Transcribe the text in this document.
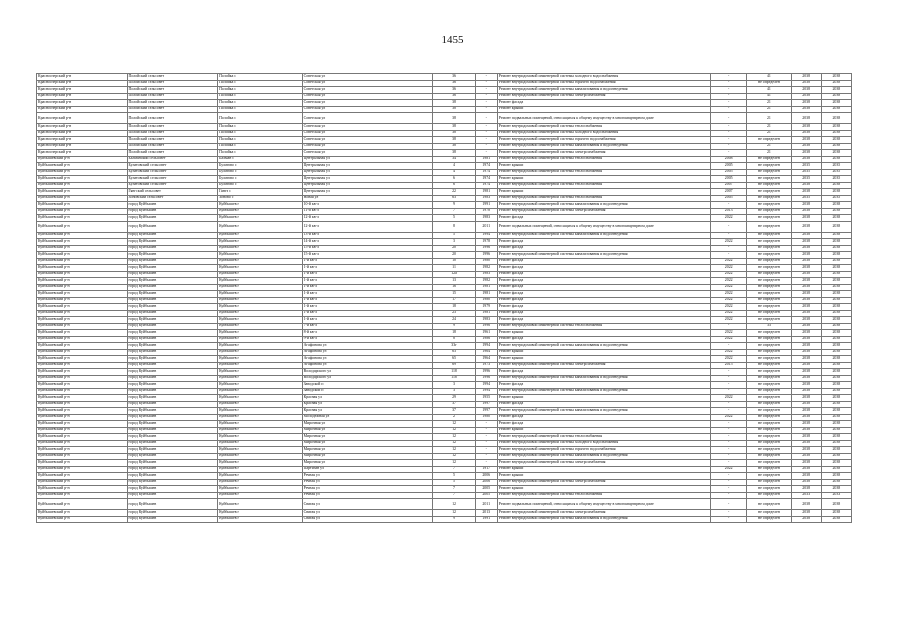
1455
Красноозерский р-н	Полойский сельсовет	Полойка с	Советская ул	36	-	Ремонт внутридомовой инженерной системы холодного водоснабжения	-	41	2038	2038
Красноозерский р-н	Полойский сельсовет	Полойка с	Советская ул	36	-	Ремонт внутридомовой инженерной системы горячего водоснабжения	-	не определен	2038	2038
Красноозерский р-н	Полойский сельсовет	Полойка с	Советская ул	36	-	Ремонт внутридомовой инженерной системы канализования и водоотведения	-	41	2038	2038
Красноозерский р-н	Полойский сельсовет	Полойка с	Советская ул	36	-	Ремонт внутридомовой инженерной системы электроснабжения	-	41	2038	2038
Красноозерский р-н	Полойский сельсовет	Полойка с	Советская ул	38	-	Ремонт фасада	-	21	2038	2038
Красноозерский р-н	Полойский сельсовет	Полойка с	Советская ул	38	-	Ремонт крыши	-	21	2038	2038
Красноозерский р-н	Полойский сельсовет	Полойка с	Советская ул	38	-	Ремонт подвальных помещений, относящихся к общему имуществу в многоквартирном доме	-	21	2038	2038
Красноозерский р-н	Полойский сельсовет	Полойка с	Советская ул	38	-	Ремонт внутридомовой инженерной системы теплоснабжения	-	21	2038	2038
Красноозерский р-н	Полойский сельсовет	Полойка с	Советская ул	38	-	Ремонт внутридомовой инженерной системы холодного водоснабжения	-	21	2038	2038
Красноозерский р-н	Полойский сельсовет	Полойка с	Советская ул	38	-	Ремонт внутридомовой инженерной системы горячего водоснабжения	-	не определен	2038	2038
Красноозерский р-н	Полойский сельсовет	Полойка с	Советская ул	38	-	Ремонт внутридомовой инженерной системы канализования и водоотведения	-	21	2038	2038
Красноозерский р-н	Полойский сельсовет	Полойка с	Советская ул	38	-	Ремонт внутридомовой инженерной системы электроснабжения	-	21	2038	2038
Куйбышевский р-н	Балманский сельсовет	Балман с	Центральная ул	34	1981	Ремонт внутридомовой инженерной системы теплоснабжения	2008	не определен	2038	2038
Куйбышевский р-н	Булатовский сельсовет	Булатово с	Центральная ул	4	1974	Ремонт крыши	2005	не определен	2035	2035
Куйбышевский р-н	Булатовский сельсовет	Булатово с	Центральная ул	4	1974	Ремонт внутридомовой инженерной системы теплоснабжения	2005	не определен	2035	2035
Куйбышевский р-н	Булатовский сельсовет	Булатово с	Центральная ул	6	1974	Ремонт крыши	2005	не определен	2035	2035
Куйбышевский р-н	Булатовский сельсовет	Булатово с	Центральная ул	6	1974	Ремонт внутридомовой инженерной системы теплоснабжения	2007	не определен	2038	2038
Куйбышевский р-н	Гянгский сельсовет	Гянгэ с	Центральная ул	22	1981	Ремонт крыши	2007	не определен	2038	2038
Куйбышевский р-н	Зоновский сельсовет	Зоново с	Новая ул	63	1983	Ремонт внутридомовой инженерной системы теплоснабжения	2005	не определен	2035	2035
Куйбышевский р-н	город Куйбышев	Куйбышев г	10-й кв-л	9	1991	Ремонт внутридомовой инженерной системы канализования и водоотведения	-	не определен	2038	2038
Куйбышевский р-н	город Куйбышев	Куйбышев г	11-й кв-л	7	1978	Ремонт внутридомовой инженерной системы электроснабжения	2013	не определен	2038	2038
Куйбышевский р-н	город Куйбышев	Куйбышев г	12-й кв-л	5	1983	Ремонт фасада	2022	не определен	2038	2038
Куйбышевский р-н	город Куйбышев	Куйбышев г	12-й кв-л	8	2011	Ремонт подвальных помещений, относящихся к общему имуществу в многоквартирном доме	-	не определен	2038	2038
Куйбышевский р-н	город Куйбышев	Куйбышев г	13-й кв-л	5	1994	Ремонт внутридомовой инженерной системы канализования и водоотведения	-	не определен	2038	2038
Куйбышевский р-н	город Куйбышев	Куйбышев г	14-й кв-л	3	1978	Ремонт фасада	2022	не определен	2038	2038
Куйбышевский р-н	город Куйбышев	Куйбышев г	15-й кв-л	20	1996	Ремонт фасада	-	не определен	2038	2038
Куйбышевский р-н	город Куйбышев	Куйбышев г	15-й кв-л	20	1996	Ремонт внутридомовой инженерной системы канализования и водоотведения	-	не определен	2038	2038
Куйбышевский р-н	город Куйбышев	Куйбышев г	1-й кв-л	10	1980	Ремонт фасада	2022	не определен	2038	2038
Куйбышевский р-н	город Куйбышев	Куйбышев г	1-й кв-л	11	1982	Ремонт фасада	2022	не определен	2038	2038
Куйбышевский р-н	город Куйбышев	Куйбышев г	1-й кв-л	12а	1983	Ремонт фасада	2022	не определен	2038	2038
Куйбышевский р-н	город Куйбышев	Куйбышев г	1-й кв-л	13	1982	Ремонт фасада	2022	не определен	2038	2038
Куйбышевский р-н	город Куйбышев	Куйбышев г	1-й кв-л	16	1981	Ремонт фасада	2022	не определен	2038	2038
Куйбышевский р-н	город Куйбышев	Куйбышев г	1-й кв-л	15	1981	Ремонт фасада	2022	не определен	2038	2038
Куйбышевский р-н	город Куйбышев	Куйбышев г	1-й кв-л	17	1980	Ремонт фасада	2022	не определен	2038	2038
Куйбышевский р-н	город Куйбышев	Куйбышев г	1-й кв-л	18	1979	Ремонт фасада	2022	не определен	2038	2038
Куйбышевский р-н	город Куйбышев	Куйбышев г	1-й кв-л	23	1981	Ремонт фасада	2022	не определен	2038	2038
Куйбышевский р-н	город Куйбышев	Куйбышев г	1-й кв-л	24	1983	Ремонт фасада	2022	не определен	2038	2038
Куйбышевский р-н	город Куйбышев	Куйбышев г	7-й кв-л	9	1996	Ремонт внутридомовой инженерной системы теплоснабжения	-	33	2038	2038
Куйбышевский р-н	город Куйбышев	Куйбышев г	8-й кв-л	18	1961	Ремонт крыши	2022	не определен	2038	2038
Куйбышевский р-н	город Куйбышев	Куйбышев г	9-й кв-л	8	1986	Ремонт фасада	2022	не определен	2038	2038
Куйбышевский р-н	город Куйбышев	Куйбышев г	Агафонова ул	33г	1994	Ремонт внутридомовой инженерной системы канализования и водоотведения	-	не определен	2038	2038
Куйбышевский р-н	город Куйбышев	Куйбышев г	Агафонова ул	63	1964	Ремонт крыши	2022	не определен	2038	2038
Куйбышевский р-н	город Куйбышев	Куйбышев г	Агафонова ул	65	1964	Ремонт крыши	2022	не определен	2038	2038
Куйбышевский р-н	город Куйбышев	Куйбышев г	Агафонова ул	69	1973	Ремонт внутридомовой инженерной системы электроснабжения	2015	не определен	2038	2038
Куйбышевский р-н	город Куйбышев	Куйбышев г	Володарского ул	118	1996	Ремонт фасада	-	не определен	2038	2038
Куйбышевский р-н	город Куйбышев	Куйбышев г	Володарского ул	118	1996	Ремонт внутридомовой инженерной системы канализования и водоотведения	-	не определен	2038	2038
Куйбышевский р-н	город Куйбышев	Куйбышев г	Заводской п	3	1994	Ремонт фасада	-	не определен	2038	2038
Куйбышевский р-н	город Куйбышев	Куйбышев г	Заводской п	3	1994	Ремонт внутридомовой инженерной системы канализования и водоотведения	-	не определен	2038	2038
Куйбышевский р-н	город Куйбышев	Куйбышев г	Красная ул	29	1955	Ремонт крыши	2022	не определен	2038	2038
Куйбышевский р-н	город Куйбышев	Куйбышев г	Красная ул	37	1997	Ремонт фасада	-	не определен	2038	2038
Куйбышевский р-н	город Куйбышев	Куйбышев г	Красная ул	37	1997	Ремонт внутридомовой инженерной системы канализования и водоотведения	-	не определен	2038	2038
Куйбышевский р-н	город Куйбышев	Куйбышев г	Молодежная ул	2	1980	Ремонт фасада	2022	не определен	2038	2038
Куйбышевский р-н	город Куйбышев	Куйбышев г	Мирочная ул	12	-	Ремонт фасада	-	не определен	2038	2038
Куйбышевский р-н	город Куйбышев	Куйбышев г	Мирочная ул	12	-	Ремонт крыши	-	не определен	2038	2038
Куйбышевский р-н	город Куйбышев	Куйбышев г	Мирочная ул	12	-	Ремонт внутридомовой инженерной системы теплоснабжения	-	не определен	2038	2038
Куйбышевский р-н	город Куйбышев	Куйбышев г	Мирочная ул	12	-	Ремонт внутридомовой инженерной системы холодного водоснабжения	-	не определен	2038	2038
Куйбышевский р-н	город Куйбышев	Куйбышев г	Мирочная ул	12	-	Ремонт внутридомовой инженерной системы горячего водоснабжения	-	не определен	2038	2038
Куйбышевский р-н	город Куйбышев	Куйбышев г	Мирочная ул	12	-	Ремонт внутридомовой инженерной системы канализования и водоотведения	-	не определен	2038	2038
Куйбышевский р-н	город Куйбышев	Куйбышев г	Мирочная ул	12	-	Ремонт внутридомовой инженерной системы электроснабжения	-	не определен	2038	2038
Куйбышевский р-н	город Куйбышев	Куйбышев г	Партизан ул	7	1917	Ремонт крыши	2022	не определен	2038	2038
Куйбышевский р-н	город Куйбышев	Куйбышев г	Речная ул	5	2006	Ремонт крыши	-	не определен	2038	2038
Куйбышевский р-н	город Куйбышев	Куйбышев г	Речная ул	5	2006	Ремонт внутридомовой инженерной системы электроснабжения	-	не определен	2038	2038
Куйбышевский р-н	город Куйбышев	Куйбышев г	Речная ул	7	2005	Ремонт крыши	-	не определен	2038	2038
Куйбышевский р-н	город Куйбышев	Куйбышев г	Речная ул	7	2005	Ремонт внутридомовой инженерной системы теплоснабжения	-	не определен	2033	2033
Куйбышевский р-н	город Куйбышев	Куйбышев г	Святая ул	12	2011	Ремонт подвальных помещений, относящихся к общему имуществу в многоквартирном доме	-	не определен	2038	2038
Куйбышевский р-н	город Куйбышев	Куйбышев г	Святая ул	12	2013	Ремонт внутридомовой инженерной системы электроснабжения	-	не определен	2038	2038
Куйбышевский р-н	город Куйбышев	Куйбышев г	Святая ул	9	1991	Ремонт внутридомовой инженерной системы канализования и водоотведения	-	не определен	2038	2038
